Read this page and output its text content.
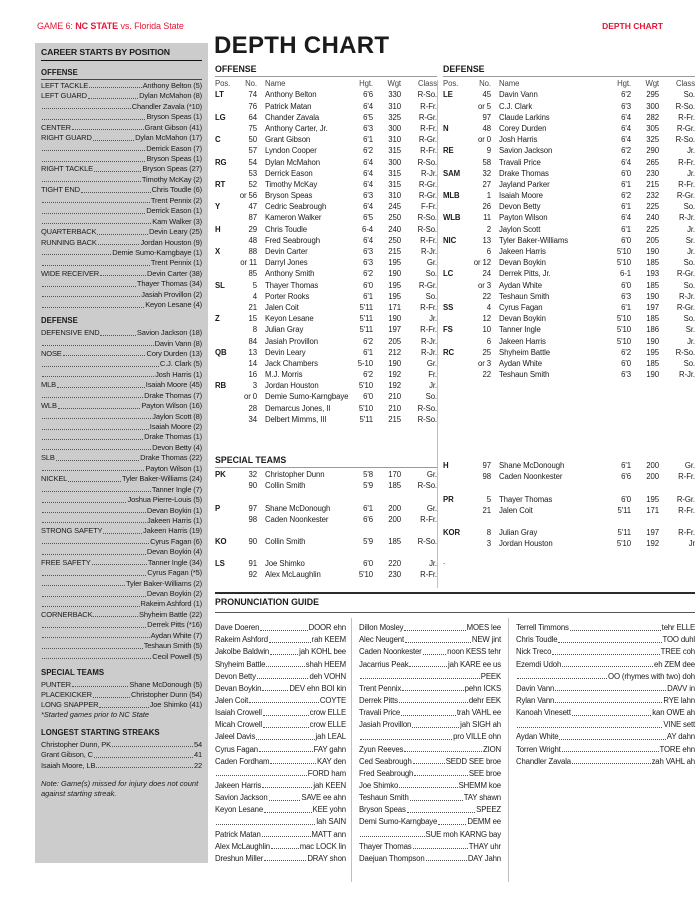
GAME 6: NC STATE vs. Florida State	DEPTH CHART
CAREER STARTS BY POSITION
OFFENSE
LEFT TACKLE	Anthony Belton (5)
LEFT GUARD	Dylan McMahon (8)
Chandler Zavala (*10)
Bryson Speas (1)
CENTER	Grant Gibson (41)
RIGHT GUARD	Dylan McMahon (17)
Derrick Eason (7)
Bryson Speas (1)
RIGHT TACKLE	Bryson Speas (27)
Timothy McKay (2)
TIGHT END	Chris Toudle (6)
Trent Pennix (2)
Derrick Eason (1)
Kam Walker (3)
QUARTERBACK	Devin Leary (25)
RUNNING BACK	Jordan Houston (9)
Demie Sumo-Karngbaye (1)
Trent Pennix (1)
WIDE RECEIVER	Devin Carter (38)
Thayer Thomas (34)
Jasiah Provillon (2)
Keyon Lesane (4)
DEFENSE
DEFENSIVE END	Savion Jackson (18)
Davin Vann (8)
NOSE	Cory Durden (13)
C.J. Clark (5)
Josh Harris (1)
MLB	Isaiah Moore (45)
Drake Thomas (7)
WLB	Payton Wilson (16)
Jaylon Scott (8)
Isaiah Moore (2)
Drake Thomas (1)
Devon Betty (4)
SLB	Drake Thomas (22)
Payton Wilson (1)
NICKEL	Tyler Baker-Williams (24)
Tanner Ingle (7)
Joshua Pierre-Louis (5)
Devan Boykin (1)
Jakeen Harris (1)
STRONG SAFETY	Jakeen Harris (19)
Cyrus Fagan (6)
Devan Boykin (4)
FREE SAFETY	Tanner Ingle (34)
Cyrus Fagan (*5)
Tyler Baker-Williams (2)
Devan Boykin (2)
Rakeim Ashford (1)
CORNERBACK	Shyheim Battle (22)
Derrek Pitts (*16)
Aydan White (7)
Teshaun Smith (5)
Cecil Powell (5)
SPECIAL TEAMS
PUNTER	Shane McDonough (5)
PLACEKICKER	Christopher Dunn (54)
LONG SNAPPER	Joe Shimko (41)
*Started games prior to NC State
LONGEST STARTING STREAKS
Christopher Dunn, PK	54
Grant Gibson, C	41
Isaiah Moore, LB	22
Note: Game(s) missed for injury does not count against starting streak.
DEPTH CHART
OFFENSE
Pos.	No.	Name	Hgt.	Wgt	Class
LT	74	Anthony Belton	6'6	330	R-So.
76	Patrick Matan	6'4	310	R-Fr.
LG	64	Chander Zavala	6'5	325	R-Gr.
75	Anthony Carter, Jr.	6'3	300	R-Fr.
C	50	Grant Gibson	6'1	310	R-Gr.
57	Lyndon Cooper	6'2	315	R-Fr.
RG	54	Dylan McMahon	6'4	300	R-So.
53	Derrick Eason	6'4	315	R-Jr.
RT	52	Timothy McKay	6'4	315	R-Gr.
or 56	Bryson Speas	6'3	310	R-Gr.
Y	47	Cedric Seabrough	6'4	245	F-Fr.
87	Kameron Walker	6'5	250	R-So.
H	29	Chris Toudle	6-4	240	R-So.
48	Fred Seabrough	6'4	250	R-Fr.
X	88	Devin Carter	6'3	215	R-Jr.
or 11	Darryl Jones	6'3	195	Gr.
85	Anthony Smith	6'2	190	So.
SL	5	Thayer Thomas	6'0	195	R-Gr.
4	Porter Rooks	6'1	195	So.
21	Jalen Coit	5'11	171	R-Fr.
Z	15	Keyon Lesane	5'11	190	Jr.
8	Julian Gray	5'11	197	R-Fr.
84	Jasiah Provillon	6'2	205	R-Jr.
QB	13	Devin Leary	6'1	212	R-Jr.
14	Jack Chambers	5-10	190	Gr.
16	M.J. Morris	6'2	192	Fr.
RB	3	Jordan Houston	5'10	192	Jr.
or 0	Demie Sumo-Karngbaye	6'0	210	So.
28	Demarcus Jones, II	5'10	210	R-So.
34	Delbert Mimms, III	5'11	215	R-So.
DEFENSE
Pos.	No.	Name	Hgt.	Wgt	Class
LE	45	Davin Vann	6'2	295	So.
or 5	C.J. Clark	6'3	300	R-So.
97	Claude Larkins	6'4	282	R-Fr.
N	48	Corey Durden	6'4	305	R-Gr.
or 0	Josh Harris	6'4	325	R-So.
RE	9	Savion Jackson	6'2	290	Jr.
58	Travali Price	6'4	265	R-Fr.
SAM	32	Drake Thomas	6'0	230	Jr.
27	Jayland Parker	6'1	215	R-Fr.
MLB	1	Isaiah Moore	6'2	232	R-Gr.
26	Devon Betty	6'1	225	So.
WLB	11	Payton Wilson	6'4	240	R-Jr.
2	Jaylon Scott	6'1	225	Jr.
NIC	13	Tyler Baker-Williams	6'0	205	Sr.
6	Jakeen Harris	5'10	190	Jr.
or 12	Devan Boykin	5'10	185	So.
LC	24	Derrek Pitts, Jr.	6-1	193	R-Gr.
or 3	Aydan White	6'0	185	So.
22	Teshaun Smith	6'3	190	R-Jr.
SS	4	Cyrus Fagan	6'1	197	R-Gr.
12	Devan Boykin	5'10	185	So.
FS	10	Tanner Ingle	5'10	186	Sr.
6	Jakeen Harris	5'10	190	Jr.
RC	25	Shyheim Battle	6'2	195	R-So.
or 3	Aydan White	6'0	185	So.
22	Teshaun Smith	6'3	190	R-Jr.
SPECIAL TEAMS
PK	32	Christopher Dunn	5'8	170	Gr.
90	Collin Smith	5'9	185	R-So.
P	97	Shane McDonough	6'1	200	Gr.
98	Caden Noonkester	6'6	200	R-Fr.
KO	90	Collin Smith	5'9	185	R-So.
LS	91	Joe Shimko	6'0	220	Jr.
92	Alex McLaughlin	5'10	230	R-Fr.
H	97	Shane McDonough	6'1	200	Gr.
98	Caden Noonkester	6'6	200	R-Fr.
PR	5	Thayer Thomas	6'0	195	R-Gr.
21	Jalen Coit	5'11	171	R-Fr.
KOR	8	Julian Gray	5'11	197	R-Fr.
3	Jordan Houston	5'10	192	Jr
.
PRONUNCIATION GUIDE
Dave Doeren	DOOR ehn
Rakeim Ashford	rah KEEM
Jakolbe Baldwin	jah KOHL bee
Shyheim Battle	shah HEEM
Devon Betty	deh VOHN
Devan Boykin	DEV ehn BOI kin
Jalen Coit	COYTE
Isaiah Crowell	crow ELLE
Micah Crowell	crow ELLE
Jaleel Davis	jah LEAL
Cyrus Fagan	FAY gahn
Caden Fordham	KAY den
FORD ham
Jakeen Harris	jah KEEN
Savion Jackson	SAVE ee ahn
Keyon Lesane	KEE yohn
lah SAIN
Patrick Matan	MATT ann
Alex McLaughlin	mac LOCK lin
Dreshun Miller	DRAY shon
Dillon Mosley	MOES lee
Alec Neugent	NEW jint
Caden Noonkester	noon KESS tehr
Jacarrius Peak	jah KARE ee us
PEEK
Trent Pennix	pehn ICKS
Derrek Pitts	dehr EEK
Travali Price	trah VAHL ee
Jasiah Provillon	jah SIGH ah
pro VILLE ohn
Zyun Reeves	ZION
Ced Seabrough	SEDD SEE broe
Fred Seabrough	SEE broe
Joe Shimko	SHEMM koe
Teshaun Smith	TAY shawn
Bryson Speas	SPEEZ
Demi Sumo-Karngbaye	DEMM ee
SUE moh KARNG bay
Thayer Thomas	THAY uhr
Daejuan Thompson	DAY Jahn
Terrell Timmons	tehr ELLE
Chris Toudle	TOO duhl
Nick Treco	TREE coh
Ezemdi Udoh	eh ZEM dee
OO (rhymes with two) doh
Davin Vann	DAVV in
Rylan Vann	RYE lahn
Kanoah Vinesett	kan OWE ah
VINE sett
Aydan White	AY dahn
Torren Wright	TORE ehn
Chandler Zavala	zah VAHL ah
